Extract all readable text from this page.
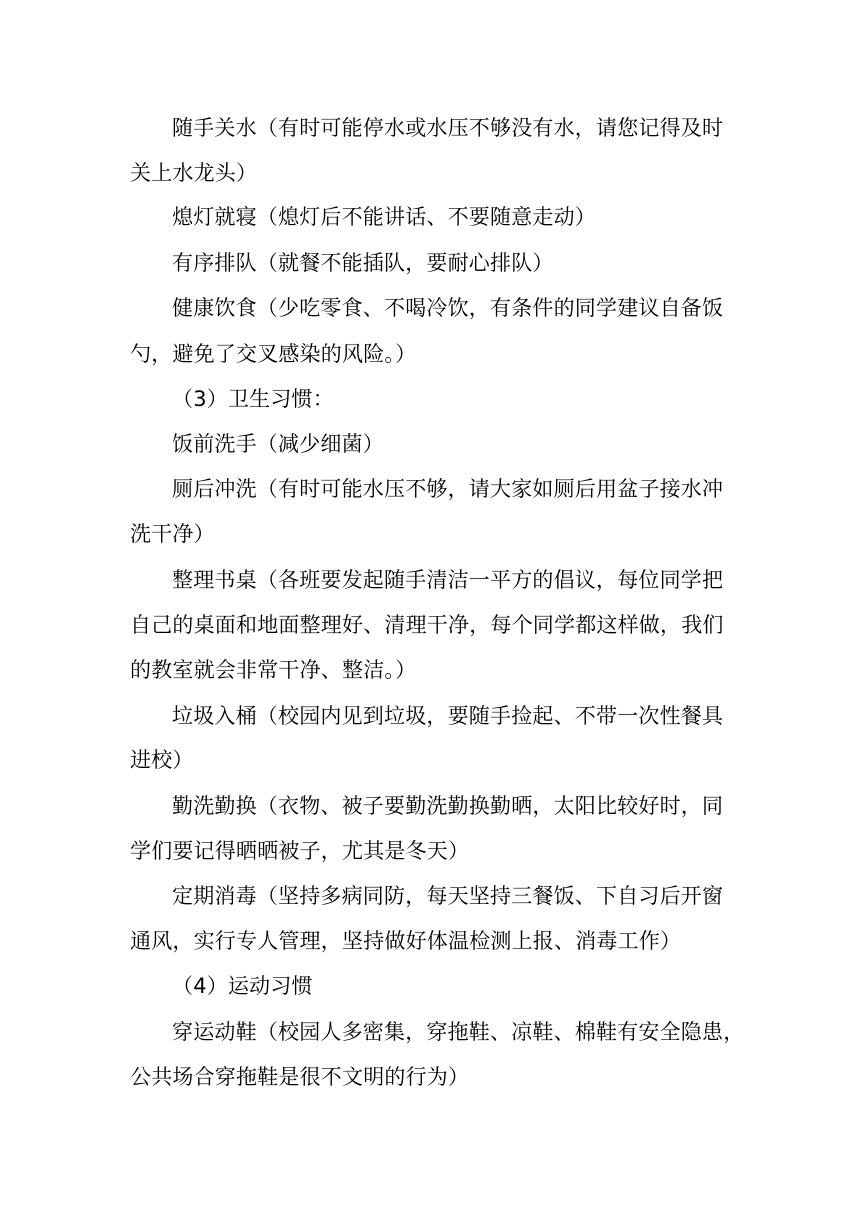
随手关水（有时可能停水或水压不够没有水，请您记得及时
关上水龙头）
熄灯就寝（熄灯后不能讲话、不要随意走动）
有序排队（就餐不能插队，要耐心排队）
健康饮食（少吃零食、不喝冷饮，有条件的同学建议自备饭
勺，避免了交叉感染的风险。）
（3）卫生习惯：
饭前洗手（减少细菌）
厕后冲洗（有时可能水压不够，请大家如厕后用盆子接水冲
洗干净）
整理书桌（各班要发起随手清洁一平方的倡议，每位同学把
自己的桌面和地面整理好、清理干净，每个同学都这样做，我们
的教室就会非常干净、整洁。）
垃圾入桶（校园内见到垃圾，要随手捡起、不带一次性餐具
进校）
勤洗勤换（衣物、被子要勤洗勤换勤晒，太阳比较好时，同
学们要记得晒晒被子，尤其是冬天）
定期消毒（坚持多病同防，每天坚持三餐饭、下自习后开窗
通风，实行专人管理，坚持做好体温检测上报、消毒工作）
（4）运动习惯
穿运动鞋（校园人多密集，穿拖鞋、凉鞋、棉鞋有安全隐患，
公共场合穿拖鞋是很不文明的行为）
